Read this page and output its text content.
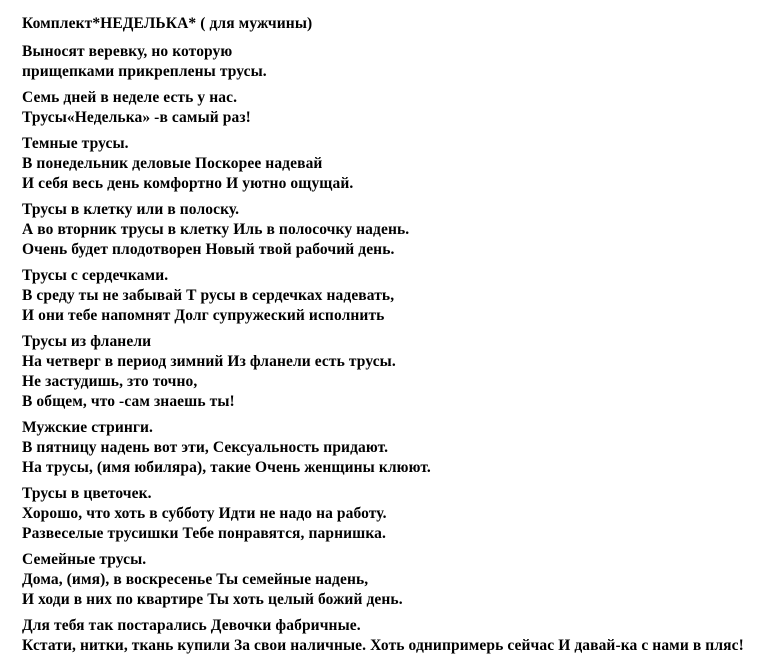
Комплект*НЕДЕЛЬКА* ( для мужчины)
Выносят веревку, но которую
прищепками прикреплены трусы.
Семь дней в неделе есть у нас.
Трусы«Неделька» -в самый раз!
Темные трусы.
В понедельник деловые Поскорее надевай
И себя весь день комфортно И уютно ощущай.
Трусы в клетку или в полоску.
А во вторник трусы в клетку Иль в полосочку надень.
Очень будет плодотворен Новый твой рабочий день.
Трусы с сердечками.
В среду ты не забывай Т русы в сердечках надевать,
И они тебе напомнят Долг супружеский исполнить
Трусы из фланели
На четверг в период зимний Из фланели есть трусы.
Не застудишь, зто точно,
В общем, что -сам знаешь ты!
Мужские стринги.
В пятницу надень вот эти, Сексуальность придают.
На трусы, (имя юбиляра), такие Очень женщины клюют.
Трусы в цветочек.
Хорошо, что хоть в субботу Идти не надо на работу.
Развеселые трусишки Тебе понравятся, парнишка.
Семейные трусы.
Дома, (имя), в воскресенье Ты семейные надень,
И ходи в них по квартире Ты хоть целый божий день.
Для тебя так постарались Девочки фабричные.
Кстати, нитки, ткань купили За свои наличные. Хоть однипримерь сейчас И давай-ка с нами в пляс!
